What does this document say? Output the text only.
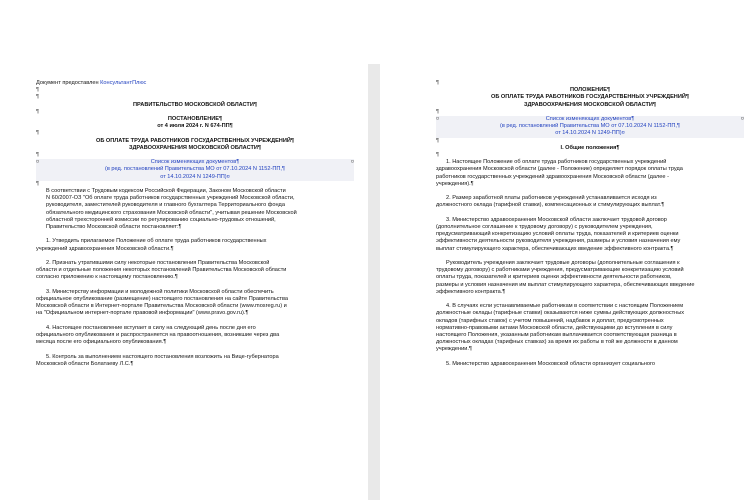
Документ предоставлен КонсультантПлюс
¶
¶
ПРАВИТЕЛЬСТВО МОСКОВСКОЙ ОБЛАСТИ¶
¶
ПОСТАНОВЛЕНИЕ¶
от 4 июля 2024 г. N 674-ПП¶
¶
ОБ ОПЛАТЕ ТРУДА РАБОТНИКОВ ГОСУДАРСТВЕННЫХ УЧРЕЖДЕНИЙ¶
ЗДРАВООХРАНЕНИЯ МОСКОВСКОЙ ОБЛАСТИ¶
¶
¤	¤
Список изменяющих документов¶
(в ред. постановлений Правительства МО от 07.10.2024 N 1152-ПП,¶
от 14.10.2024 N 1249-ПП)¤
¶
В соответствии с Трудовым кодексом Российской Федерации, Законом Московской области
N 60/2007-ОЗ "Об оплате труда работников государственных учреждений Московской области,
руководителя, заместителей руководителя и главного бухгалтера Территориального фонда
обязательного медицинского страхования Московской области", учитывая решение Московской
областной трехсторонней комиссии по регулированию социально-трудовых отношений,
Правительство Московской области постановляет:¶
1. Утвердить прилагаемое Положение об оплате труда работников государственных
учреждений здравоохранения Московской области.¶
2. Признать утратившими силу некоторые постановления Правительства Московской
области и отдельные положения некоторых постановлений Правительства Московской области
согласно приложению к настоящему постановлению.¶
3. Министерству информации и молодежной политики Московской области обеспечить
официальное опубликование (размещение) настоящего постановления на сайте Правительства
Московской области в Интернет-портале Правительства Московской области (www.mosreg.ru) и
на "Официальном интернет-портале правовой информации" (www.pravo.gov.ru).¶
4. Настоящее постановление вступает в силу на следующий день после дня его
официального опубликования и распространяется на правоотношения, возникшие через два
месяца после его официального опубликования.¶
5. Контроль за выполнением настоящего постановления возложить на Вице-губернатора
Московской области Болатаеву Л.С.¶
¶
ПОЛОЖЕНИЕ¶
ОБ ОПЛАТЕ ТРУДА РАБОТНИКОВ ГОСУДАРСТВЕННЫХ УЧРЕЖДЕНИЙ¶
ЗДРАВООХРАНЕНИЯ МОСКОВСКОЙ ОБЛАСТИ¶
¶
¤	¤
Список изменяющих документов¶
(в ред. постановлений Правительства МО от 07.10.2024 N 1152-ПП,¶
от 14.10.2024 N 1249-ПП)¤
¶
I. Общие положения¶
¶
1. Настоящее Положение об оплате труда работников государственных учреждений
здравоохранения Московской области (далее - Положение) определяет порядок оплаты труда
работников государственных учреждений здравоохранения Московской области (далее -
учреждения).¶
2. Размер заработной платы работников учреждений устанавливается исходя из
должностного оклада (тарифной ставки), компенсационных и стимулирующих выплат.¶
3. Министерство здравоохранения Московской области заключает трудовой договор
(дополнительное соглашение к трудовому договору) с руководителем учреждения,
предусматривающий конкретизацию условий оплаты труда, показателей и критериев оценки
эффективности деятельности руководителя учреждения, размеры и условия назначения ему
выплат стимулирующего характера, обеспечивающих введение эффективного контракта.¶
Руководитель учреждения заключает трудовые договоры (дополнительные соглашения к
трудовому договору) с работниками учреждения, предусматривающие конкретизацию условий
оплаты труда, показателей и критериев оценки эффективности деятельности работников,
размеры и условия назначения им выплат стимулирующего характера, обеспечивающих введение
эффективного контракта.¶
4. В случаях если устанавливаемые работникам в соответствии с настоящим Положением
должностные оклады (тарифные ставки) оказываются ниже суммы действующих должностных
окладов (тарифных ставок) с учетом повышений, надбавок и доплат, предусмотренных
нормативно-правовыми актами Московской области, действующими до вступления в силу
настоящего Положения, указанным работникам выплачивается соответствующая разница в
должностных окладах (тарифных ставках) за время их работы в той же должности в данном
учреждении.¶
5. Министерство здравоохранения Московской области организует социального
